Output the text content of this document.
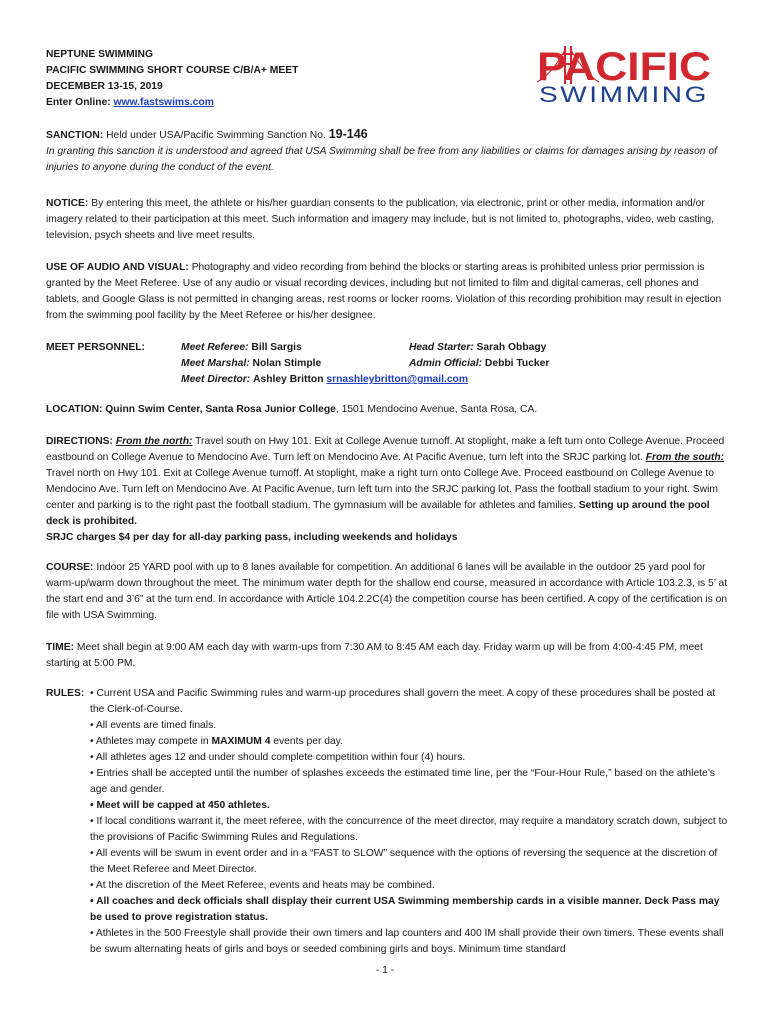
NEPTUNE SWIMMING
PACIFIC SWIMMING SHORT COURSE C/B/A+ MEET
DECEMBER 13-15, 2019
Enter Online: www.fastswims.com
PACIFIC
SWIMMING
SANCTION: Held under USA/Pacific Swimming Sanction No. 19-146
In granting this sanction it is understood and agreed that USA Swimming shall be free from any liabilities or claims for damages arising by reason of injuries to anyone during the conduct of the event.
NOTICE: By entering this meet, the athlete or his/her guardian consents to the publication, via electronic, print or other media, information and/or imagery related to their participation at this meet. Such information and imagery may include, but is not limited to, photographs, video, web casting, television, psych sheets and live meet results.
USE OF AUDIO AND VISUAL: Photography and video recording from behind the blocks or starting areas is prohibited unless prior permission is granted by the Meet Referee. Use of any audio or visual recording devices, including but not limited to film and digital cameras, cell phones and tablets, and Google Glass is not permitted in changing areas, rest rooms or locker rooms. Violation of this recording prohibition may result in ejection from the swimming pool facility by the Meet Referee or his/her designee.
MEET PERSONNEL:	Meet Referee: Bill Sargis
Meet Marshal: Nolan Stimple
Meet Director: Ashley Britton srnashleybritton@gmail.com
Head Starter: Sarah Obbagy
Admin Official: Debbi Tucker
LOCATION: Quinn Swim Center, Santa Rosa Junior College, 1501 Mendocino Avenue, Santa Rosa, CA.
DIRECTIONS: From the north: Travel south on Hwy 101. Exit at College Avenue turnoff. At stoplight, make a left turn onto College Avenue. Proceed eastbound on College Avenue to Mendocino Ave. Turn left on Mendocino Ave. At Pacific Avenue, turn left into the SRJC parking lot. From the south: Travel north on Hwy 101. Exit at College Avenue turnoff. At stoplight, make a right turn onto College Ave. Proceed eastbound on College Avenue to Mendocino Ave. Turn left on Mendocino Ave. At Pacific Avenue, turn left turn into the SRJC parking lot. Pass the football stadium to your right. Swim center and parking is to the right past the football stadium. The gymnasium will be available for athletes and families. Setting up around the pool deck is prohibited.
SRJC charges $4 per day for all-day parking pass, including weekends and holidays
COURSE: Indoor 25 YARD pool with up to 8 lanes available for competition. An additional 6 lanes will be available in the outdoor 25 yard pool for warm-up/warm down throughout the meet. The minimum water depth for the shallow end course, measured in accordance with Article 103.2.3, is 5’ at the start end and 3’6” at the turn end. In accordance with Article 104.2.2C(4) the competition course has been certified. A copy of the certification is on file with USA Swimming.
TIME: Meet shall begin at 9:00 AM each day with warm-ups from 7:30 AM to 8:45 AM each day. Friday warm up will be from 4:00-4:45 PM, meet starting at 5:00 PM.
RULES: • Current USA and Pacific Swimming rules and warm-up procedures shall govern the meet. A copy of these procedures shall be posted at the Clerk-of-Course.
• All events are timed finals.
• Athletes may compete in MAXIMUM 4 events per day.
• All athletes ages 12 and under should complete competition within four (4) hours.
• Entries shall be accepted until the number of splashes exceeds the estimated time line, per the “Four-Hour Rule,” based on the athlete’s age and gender.
• Meet will be capped at 450 athletes.
• If local conditions warrant it, the meet referee, with the concurrence of the meet director, may require a mandatory scratch down, subject to the provisions of Pacific Swimming Rules and Regulations.
• All events will be swum in event order and in a “FAST to SLOW” sequence with the options of reversing the sequence at the discretion of the Meet Referee and Meet Director.
• At the discretion of the Meet Referee, events and heats may be combined.
• All coaches and deck officials shall display their current USA Swimming membership cards in a visible manner. Deck Pass may be used to prove registration status.
• Athletes in the 500 Freestyle shall provide their own timers and lap counters and 400 IM shall provide their own timers. These events shall be swum alternating heats of girls and boys or seeded combining girls and boys. Minimum time standard
- 1 -
